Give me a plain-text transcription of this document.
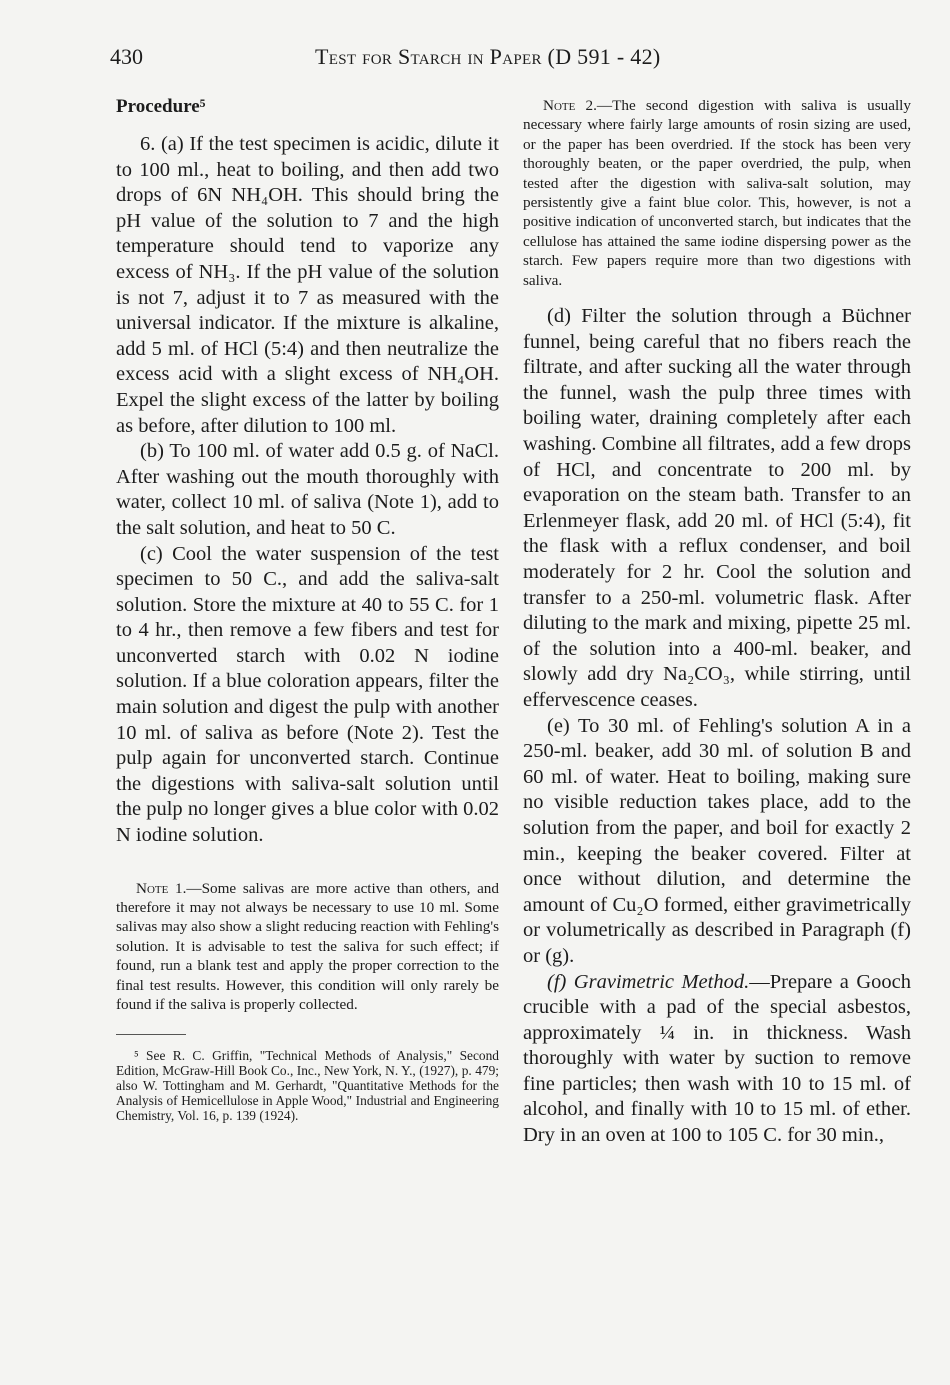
430	Test for Starch in Paper (D 591 - 42)

Procedure⁵

6. (a) If the test specimen is acidic, dilute it to 100 ml., heat to boiling, and then add two drops of 6N NH₄OH. This should bring the pH value of the solution to 7 and the high temperature should tend to vaporize any excess of NH₃. If the pH value of the solution is not 7, adjust it to 7 as measured with the universal indicator. If the mixture is alkaline, add 5 ml. of HCl (5:4) and then neutralize the excess acid with a slight excess of NH₄OH. Expel the slight excess of the latter by boiling as before, after dilution to 100 ml.

(b) To 100 ml. of water add 0.5 g. of NaCl. After washing out the mouth thoroughly with water, collect 10 ml. of saliva (Note 1), add to the salt solution, and heat to 50 C.

(c) Cool the water suspension of the test specimen to 50 C., and add the saliva-salt solution. Store the mixture at 40 to 55 C. for 1 to 4 hr., then remove a few fibers and test for unconverted starch with 0.02 N iodine solution. If a blue coloration appears, filter the main solution and digest the pulp with another 10 ml. of saliva as before (Note 2). Test the pulp again for unconverted starch. Continue the digestions with saliva-salt solution until the pulp no longer gives a blue color with 0.02 N iodine solution.

Note 1.—Some salivas are more active than others, and therefore it may not always be necessary to use 10 ml. Some salivas may also show a slight reducing reaction with Fehling's solution. It is advisable to test the saliva for such effect; if found, run a blank test and apply the proper correction to the final test results. However, this condition will only rarely be found if the saliva is properly collected.

⁵ See R. C. Griffin, "Technical Methods of Analysis," Second Edition, McGraw-Hill Book Co., Inc., New York, N. Y., (1927), p. 479; also W. Tottingham and M. Gerhardt, "Quantitative Methods for the Analysis of Hemicellulose in Apple Wood," Industrial and Engineering Chemistry, Vol. 16, p. 139 (1924).

Note 2.—The second digestion with saliva is usually necessary where fairly large amounts of rosin sizing are used, or the paper has been overdried. If the stock has been very thoroughly beaten, or the paper overdried, the pulp, when tested after the digestion with saliva-salt solution, may persistently give a faint blue color. This, however, is not a positive indication of unconverted starch, but indicates that the cellulose has attained the same iodine dispersing power as the starch. Few papers require more than two digestions with saliva.

(d) Filter the solution through a Büchner funnel, being careful that no fibers reach the filtrate, and after sucking all the water through the funnel, wash the pulp three times with boiling water, draining completely after each washing. Combine all filtrates, add a few drops of HCl, and concentrate to 200 ml. by evaporation on the steam bath. Transfer to an Erlenmeyer flask, add 20 ml. of HCl (5:4), fit the flask with a reflux condenser, and boil moderately for 2 hr. Cool the solution and transfer to a 250-ml. volumetric flask. After diluting to the mark and mixing, pipette 25 ml. of the solution into a 400-ml. beaker, and slowly add dry Na₂CO₃, while stirring, until effervescence ceases.

(e) To 30 ml. of Fehling's solution A in a 250-ml. beaker, add 30 ml. of solution B and 60 ml. of water. Heat to boiling, making sure no visible reduction takes place, add to the solution from the paper, and boil for exactly 2 min., keeping the beaker covered. Filter at once without dilution, and determine the amount of Cu₂O formed, either gravimetrically or volumetrically as described in Paragraph (f) or (g).

(f) Gravimetric Method.—Prepare a Gooch crucible with a pad of the special asbestos, approximately ¼ in. in thickness. Wash thoroughly with water by suction to remove fine particles; then wash with 10 to 15 ml. of alcohol, and finally with 10 to 15 ml. of ether. Dry in an oven at 100 to 105 C. for 30 min.,
